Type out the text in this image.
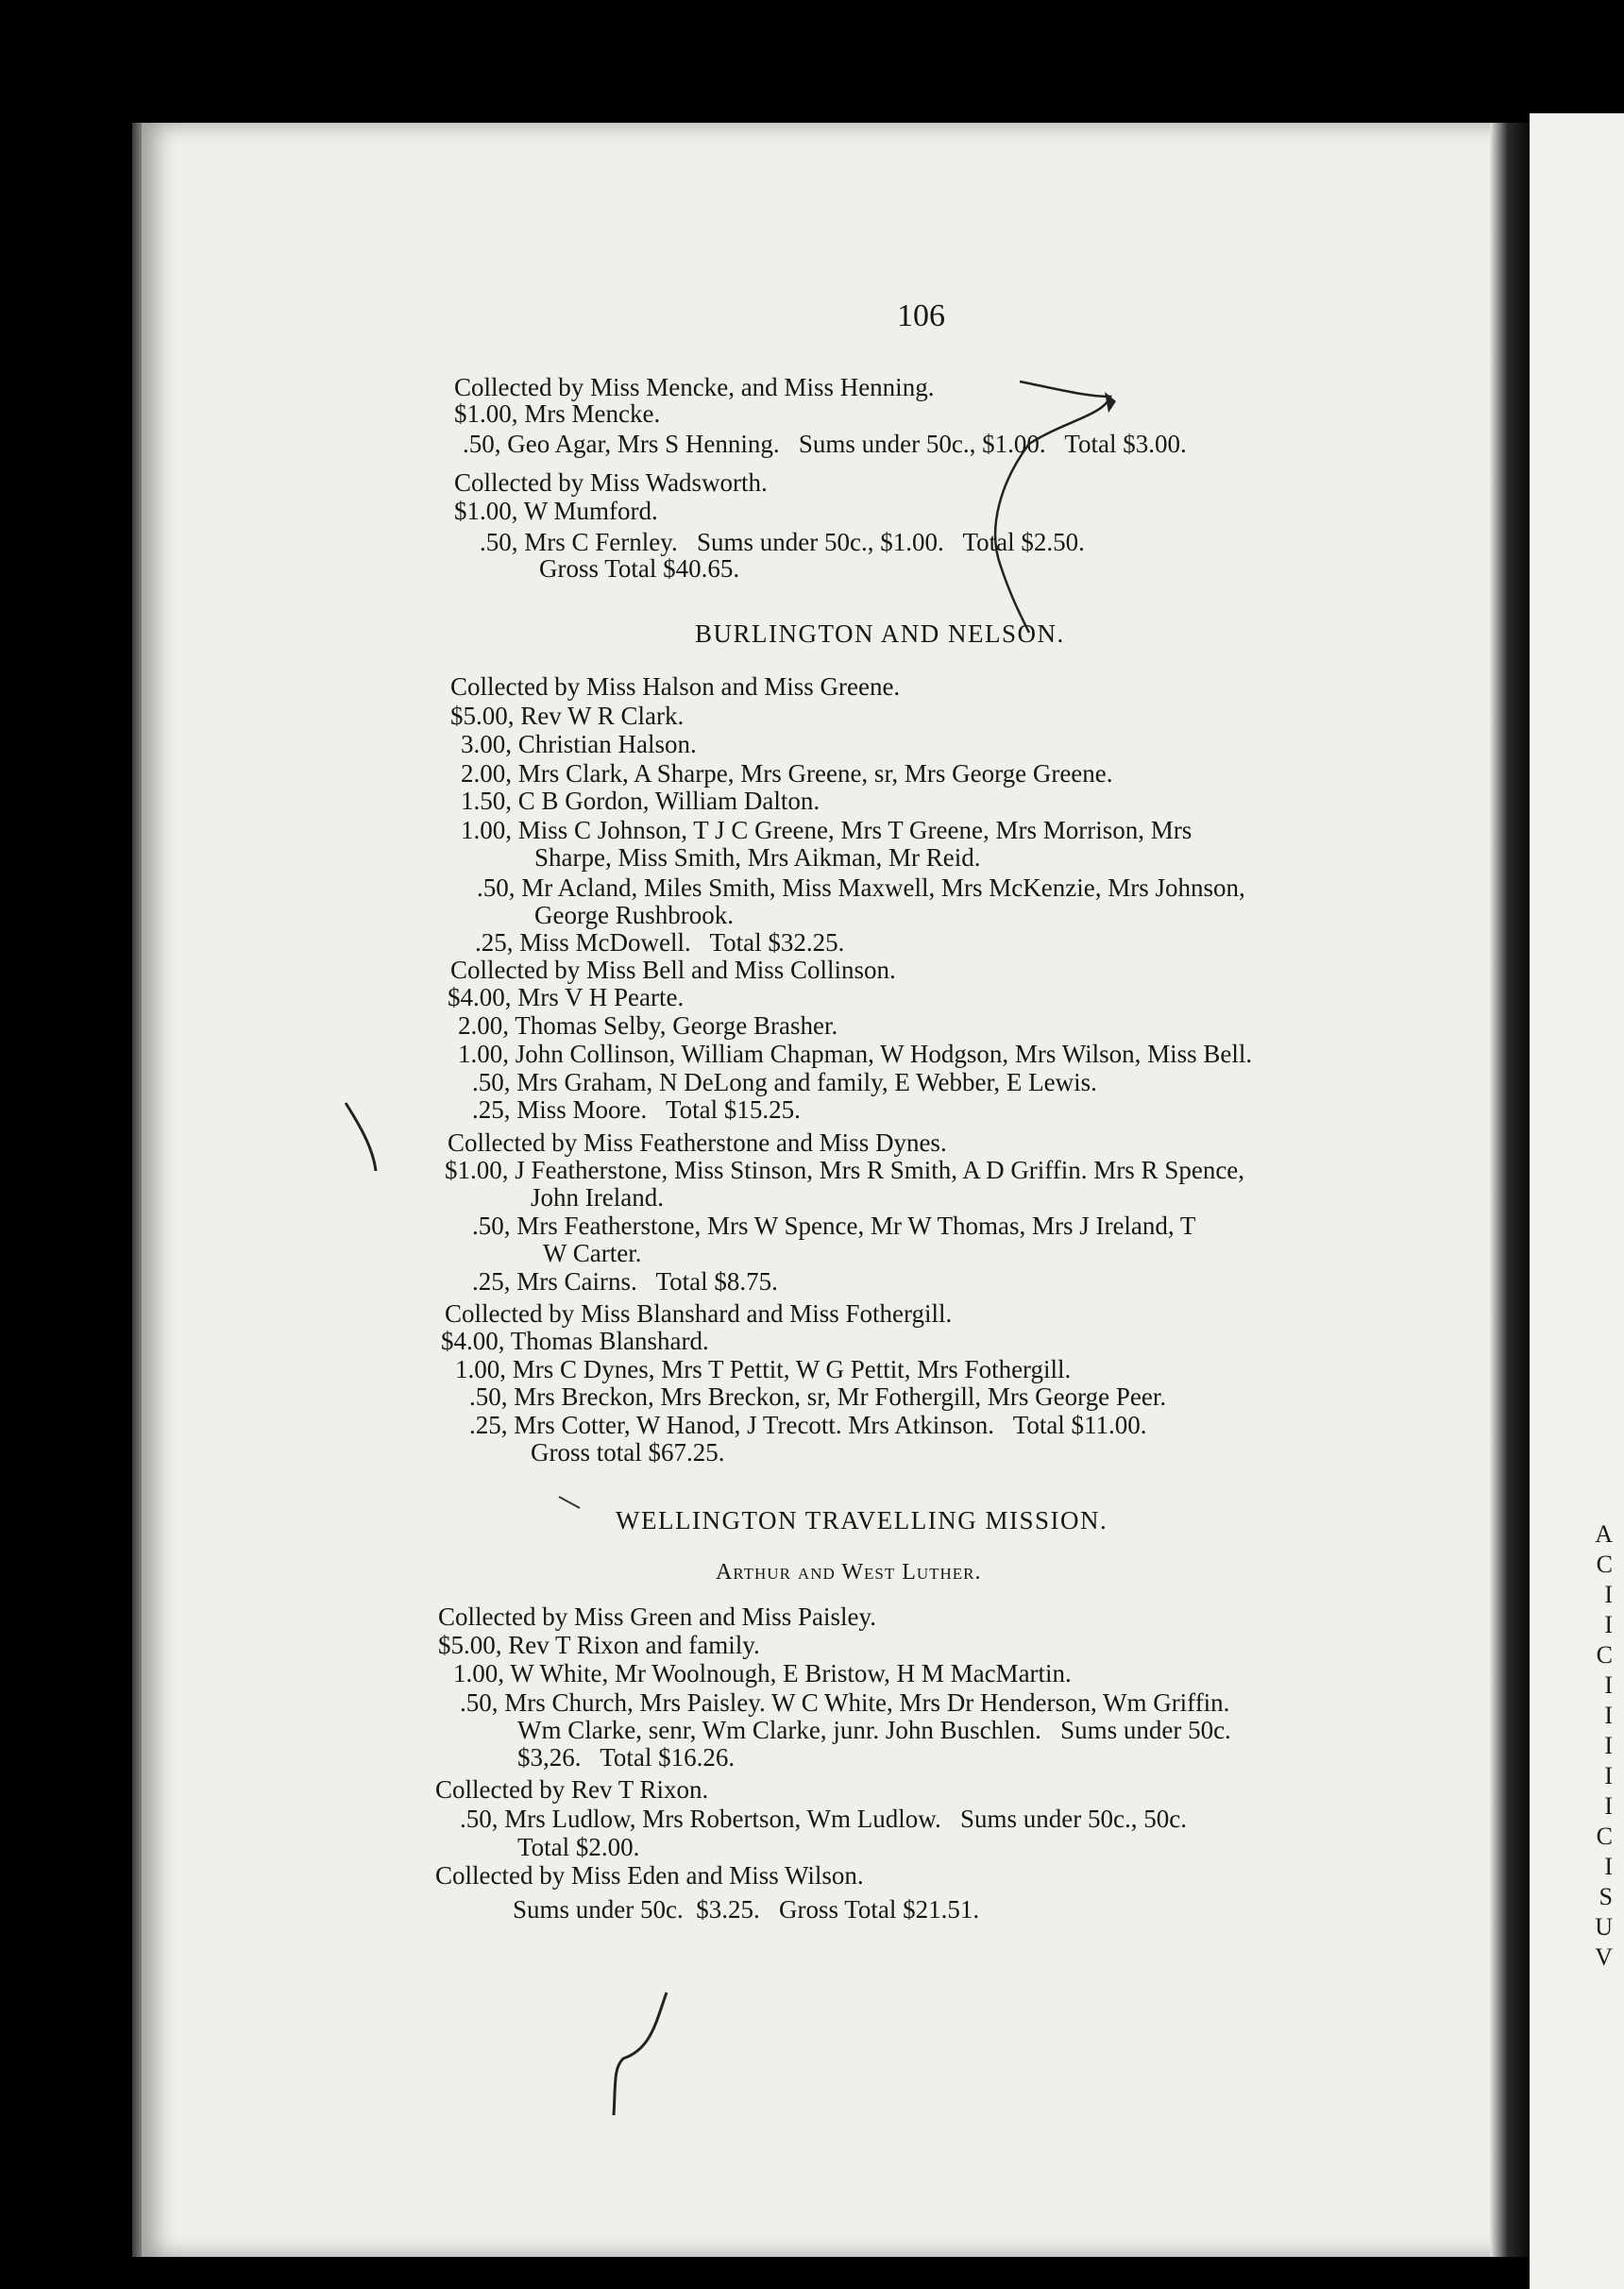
A
C
I
I
C
I
I
I
I
I
C
I
S
U
V
106
Collected by Miss Mencke, and Miss Henning.
$1.00, Mrs Mencke.
.50, Geo Agar, Mrs S Henning.   Sums under 50c., $1.00.   Total $3.00.
Collected by Miss Wadsworth.
$1.00, W Mumford.
.50, Mrs C Fernley.   Sums under 50c., $1.00.   Total $2.50.
Gross Total $40.65.
BURLINGTON AND NELSON.
Collected by Miss Halson and Miss Greene.
$5.00, Rev W R Clark.
3.00, Christian Halson.
2.00, Mrs Clark, A Sharpe, Mrs Greene, sr, Mrs George Greene.
1.50, C B Gordon, William Dalton.
1.00, Miss C Johnson, T J C Greene, Mrs T Greene, Mrs Morrison, Mrs
Sharpe, Miss Smith, Mrs Aikman, Mr Reid.
.50, Mr Acland, Miles Smith, Miss Maxwell, Mrs McKenzie, Mrs Johnson,
George Rushbrook.
.25, Miss McDowell.   Total $32.25.
Collected by Miss Bell and Miss Collinson.
$4.00, Mrs V H Pearte.
2.00, Thomas Selby, George Brasher.
1.00, John Collinson, William Chapman, W Hodgson, Mrs Wilson, Miss Bell.
.50, Mrs Graham, N DeLong and family, E Webber, E Lewis.
.25, Miss Moore.   Total $15.25.
Collected by Miss Featherstone and Miss Dynes.
$1.00, J Featherstone, Miss Stinson, Mrs R Smith, A D Griffin. Mrs R Spence,
John Ireland.
.50, Mrs Featherstone, Mrs W Spence, Mr W Thomas, Mrs J Ireland, T
W Carter.
.25, Mrs Cairns.   Total $8.75.
Collected by Miss Blanshard and Miss Fothergill.
$4.00, Thomas Blanshard.
1.00, Mrs C Dynes, Mrs T Pettit, W G Pettit, Mrs Fothergill.
.50, Mrs Breckon, Mrs Breckon, sr, Mr Fothergill, Mrs George Peer.
.25, Mrs Cotter, W Hanod, J Trecott. Mrs Atkinson.   Total $11.00.
Gross total $67.25.
WELLINGTON TRAVELLING MISSION.
Arthur and West Luther.
Collected by Miss Green and Miss Paisley.
$5.00, Rev T Rixon and family.
1.00, W White, Mr Woolnough, E Bristow, H M MacMartin.
.50, Mrs Church, Mrs Paisley. W C White, Mrs Dr Henderson, Wm Griffin.
Wm Clarke, senr, Wm Clarke, junr. John Buschlen.   Sums under 50c.
$3,26.   Total $16.26.
Collected by Rev T Rixon.
.50, Mrs Ludlow, Mrs Robertson, Wm Ludlow.   Sums under 50c., 50c.
Total $2.00.
Collected by Miss Eden and Miss Wilson.
Sums under 50c.  $3.25.   Gross Total $21.51.
